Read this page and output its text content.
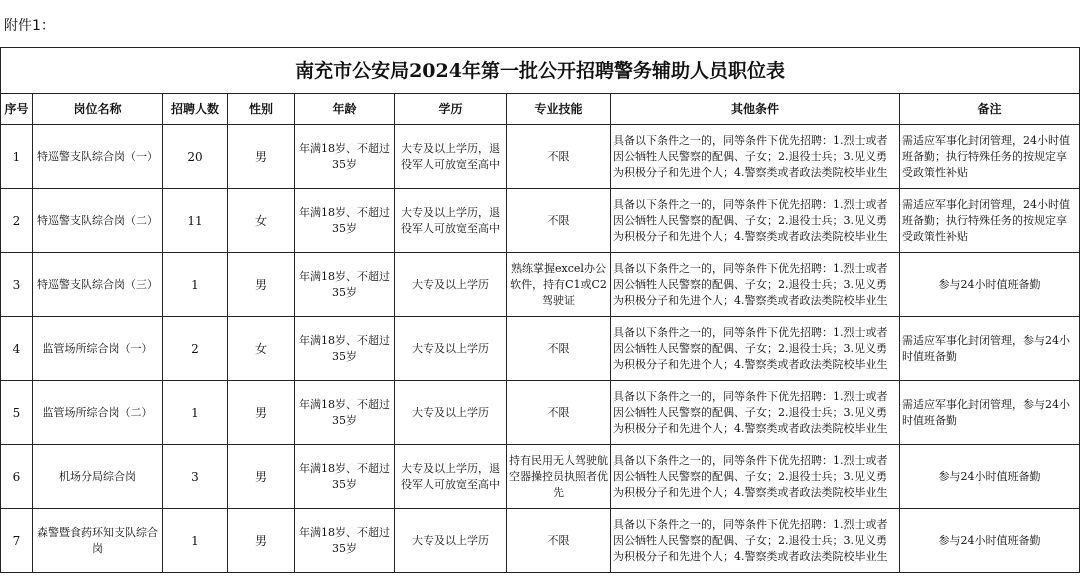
附件1：
南充市公安局2024年第一批公开招聘警务辅助人员职位表								
序号	岗位名称	招聘人数	性别	年龄	学历	专业技能	其他条件	备注
1	特巡警支队综合岗（一）	20	男	年满18岁、不超过35岁	大专及以上学历，退役军人可放宽至高中	不限	具备以下条件之一的，同等条件下优先招聘：1.烈士或者因公牺牲人民警察的配偶、子女；2.退役士兵；3.见义勇为积极分子和先进个人；4.警察类或者政法类院校毕业生	需适应军事化封闭管理，24小时值班备勤；执行特殊任务的按规定享受政策性补贴
2	特巡警支队综合岗（二）	11	女	年满18岁、不超过35岁	大专及以上学历，退役军人可放宽至高中	不限	具备以下条件之一的，同等条件下优先招聘：1.烈士或者因公牺牲人民警察的配偶、子女；2.退役士兵；3.见义勇为积极分子和先进个人；4.警察类或者政法类院校毕业生	需适应军事化封闭管理，24小时值班备勤；执行特殊任务的按规定享受政策性补贴
3	特巡警支队综合岗（三）	1	男	年满18岁、不超过35岁	大专及以上学历	熟练掌握excel办公软件，持有C1或C2驾驶证	具备以下条件之一的，同等条件下优先招聘：1.烈士或者因公牺牲人民警察的配偶、子女；2.退役士兵；3.见义勇为积极分子和先进个人；4.警察类或者政法类院校毕业生	参与24小时值班备勤
4	监管场所综合岗（一）	2	女	年满18岁、不超过35岁	大专及以上学历	不限	具备以下条件之一的，同等条件下优先招聘：1.烈士或者因公牺牲人民警察的配偶、子女；2.退役士兵；3.见义勇为积极分子和先进个人；4.警察类或者政法类院校毕业生	需适应军事化封闭管理，参与24小时值班备勤
5	监管场所综合岗（二）	1	男	年满18岁、不超过35岁	大专及以上学历	不限	具备以下条件之一的，同等条件下优先招聘：1.烈士或者因公牺牲人民警察的配偶、子女；2.退役士兵；3.见义勇为积极分子和先进个人；4.警察类或者政法类院校毕业生	需适应军事化封闭管理，参与24小时值班备勤
6	机场分局综合岗	3	男	年满18岁、不超过35岁	大专及以上学历，退役军人可放宽至高中	持有民用无人驾驶航空器操控员执照者优先	具备以下条件之一的，同等条件下优先招聘：1.烈士或者因公牺牲人民警察的配偶、子女；2.退役士兵；3.见义勇为积极分子和先进个人；4.警察类或者政法类院校毕业生	参与24小时值班备勤
7	森警暨食药环知支队综合岗	1	男	年满18岁、不超过35岁	大专及以上学历	不限	具备以下条件之一的，同等条件下优先招聘：1.烈士或者因公牺牲人民警察的配偶、子女；2.退役士兵；3.见义勇为积极分子和先进个人；4.警察类或者政法类院校毕业生	参与24小时值班备勤
